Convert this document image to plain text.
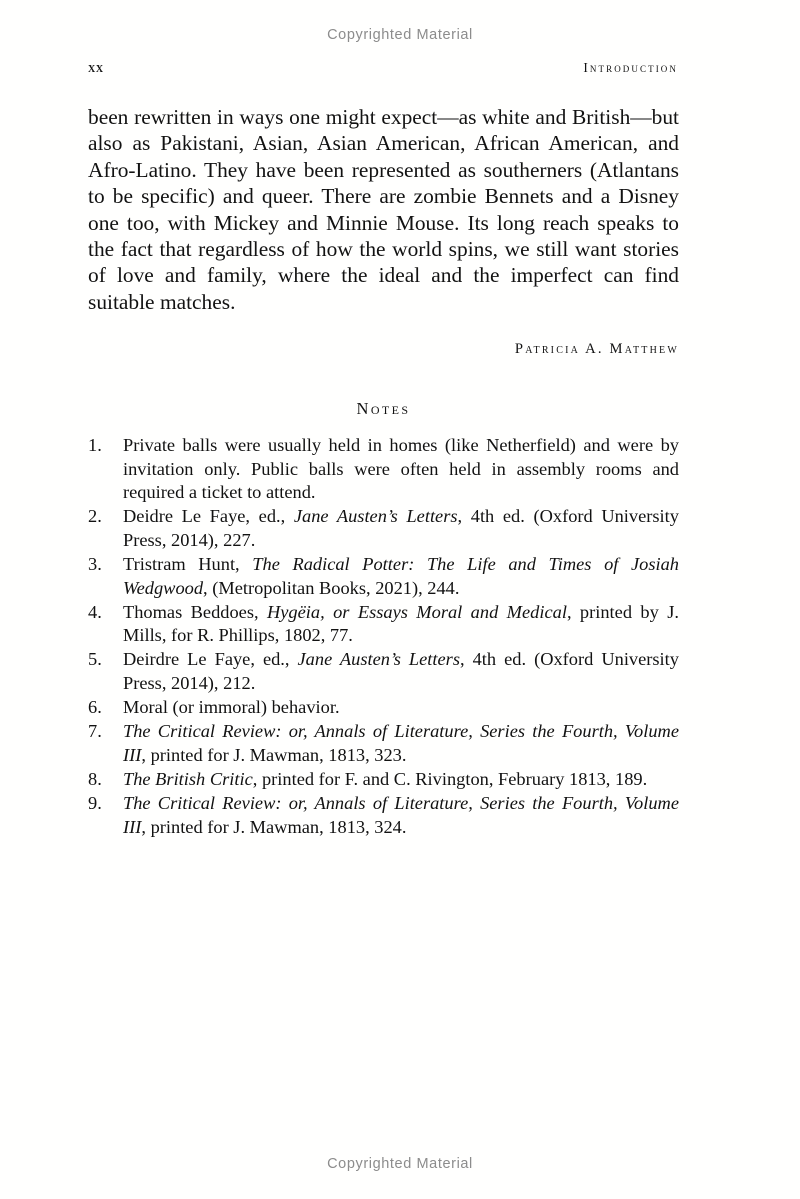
Copyrighted Material
xx	Introduction

been rewritten in ways one might expect—as white and British—but also as Pakistani, Asian, Asian American, African American, and Afro-Latino. They have been represented as southerners (Atlantans to be specific) and queer. There are zombie Bennets and a Disney one too, with Mickey and Minnie Mouse. Its long reach speaks to the fact that regardless of how the world spins, we still want stories of love and family, where the ideal and the imperfect can find suitable matches.

Patricia A. Matthew
Notes
1.	Private balls were usually held in homes (like Netherfield) and were by invitation only. Public balls were often held in assembly rooms and required a ticket to attend.
2.	Deidre Le Faye, ed., Jane Austen’s Letters, 4th ed. (Oxford University Press, 2014), 227.
3.	Tristram Hunt, The Radical Potter: The Life and Times of Josiah Wedgwood, (Metropolitan Books, 2021), 244.
4.	Thomas Beddoes, Hygëia, or Essays Moral and Medical, printed by J. Mills, for R. Phillips, 1802, 77.
5.	Deirdre Le Faye, ed., Jane Austen’s Letters, 4th ed. (Oxford University Press, 2014), 212.
6.	Moral (or immoral) behavior.
7.	The Critical Review: or, Annals of Literature, Series the Fourth, Volume III, printed for J. Mawman, 1813, 323.
8.	The British Critic, printed for F. and C. Rivington, February 1813, 189.
9.	The Critical Review: or, Annals of Literature, Series the Fourth, Volume III, printed for J. Mawman, 1813, 324.
Copyrighted Material
